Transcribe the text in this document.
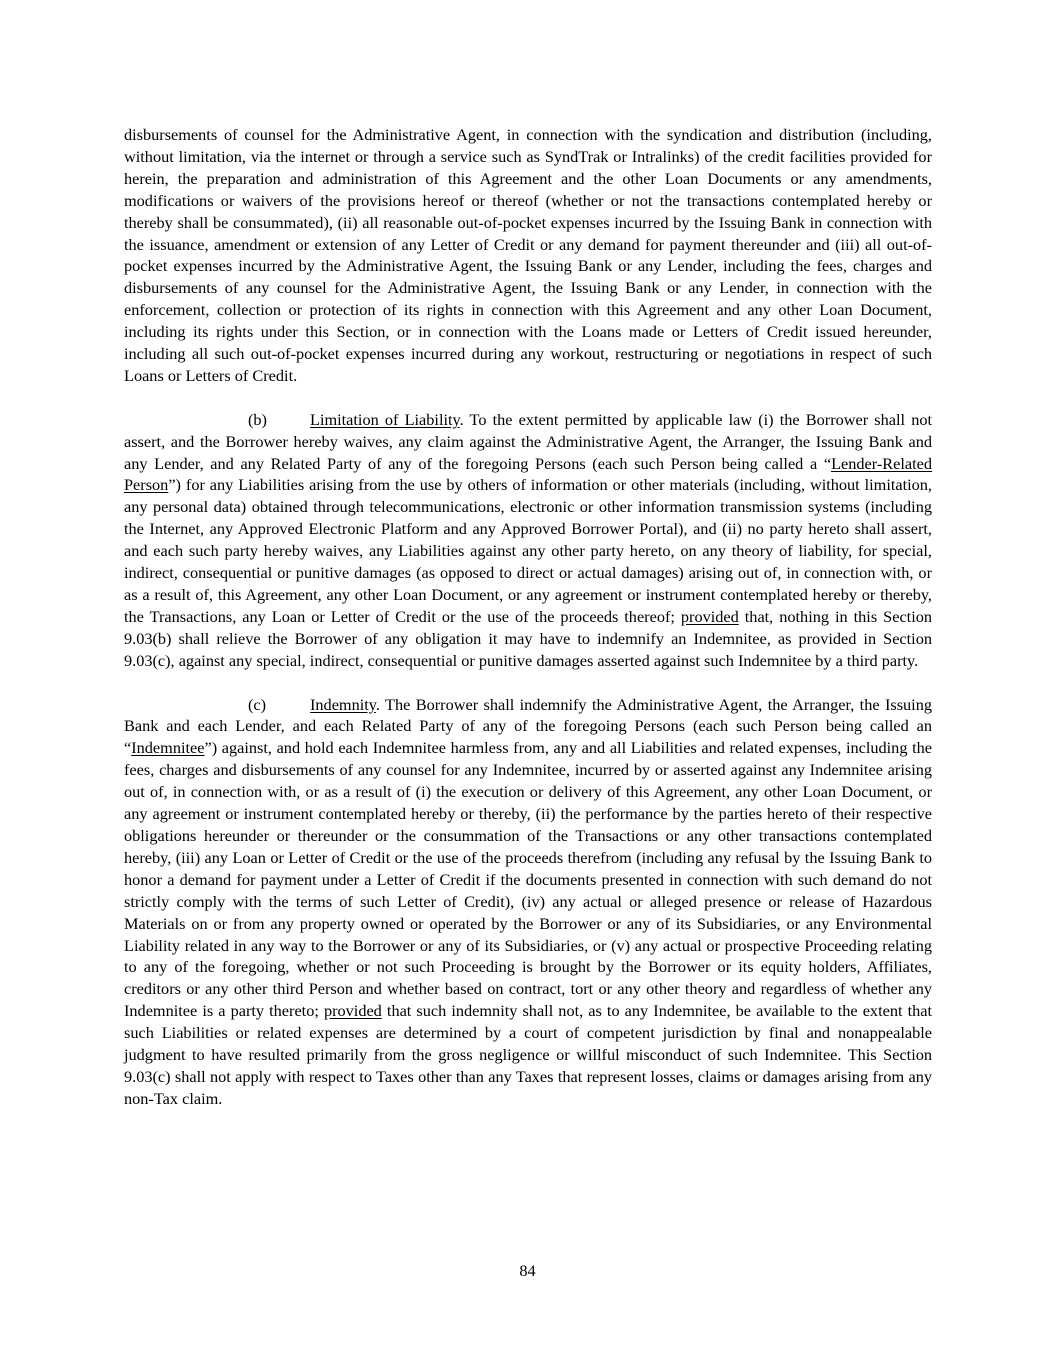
disbursements of counsel for the Administrative Agent, in connection with the syndication and distribution (including, without limitation, via the internet or through a service such as SyndTrak or Intralinks) of the credit facilities provided for herein, the preparation and administration of this Agreement and the other Loan Documents or any amendments, modifications or waivers of the provisions hereof or thereof (whether or not the transactions contemplated hereby or thereby shall be consummated), (ii) all reasonable out-of-pocket expenses incurred by the Issuing Bank in connection with the issuance, amendment or extension of any Letter of Credit or any demand for payment thereunder and (iii) all out-of-pocket expenses incurred by the Administrative Agent, the Issuing Bank or any Lender, including the fees, charges and disbursements of any counsel for the Administrative Agent, the Issuing Bank or any Lender, in connection with the enforcement, collection or protection of its rights in connection with this Agreement and any other Loan Document, including its rights under this Section, or in connection with the Loans made or Letters of Credit issued hereunder, including all such out-of-pocket expenses incurred during any workout, restructuring or negotiations in respect of such Loans or Letters of Credit.

(b)	Limitation of Liability. To the extent permitted by applicable law (i) the Borrower shall not assert, and the Borrower hereby waives, any claim against the Administrative Agent, the Arranger, the Issuing Bank and any Lender, and any Related Party of any of the foregoing Persons (each such Person being called a “Lender-Related Person”) for any Liabilities arising from the use by others of information or other materials (including, without limitation, any personal data) obtained through telecommunications, electronic or other information transmission systems (including the Internet, any Approved Electronic Platform and any Approved Borrower Portal), and (ii) no party hereto shall assert, and each such party hereby waives, any Liabilities against any other party hereto, on any theory of liability, for special, indirect, consequential or punitive damages (as opposed to direct or actual damages) arising out of, in connection with, or as a result of, this Agreement, any other Loan Document, or any agreement or instrument contemplated hereby or thereby, the Transactions, any Loan or Letter of Credit or the use of the proceeds thereof; provided that, nothing in this Section 9.03(b) shall relieve the Borrower of any obligation it may have to indemnify an Indemnitee, as provided in Section 9.03(c), against any special, indirect, consequential or punitive damages asserted against such Indemnitee by a third party.

(c)	Indemnity. The Borrower shall indemnify the Administrative Agent, the Arranger, the Issuing Bank and each Lender, and each Related Party of any of the foregoing Persons (each such Person being called an “Indemnitee”) against, and hold each Indemnitee harmless from, any and all Liabilities and related expenses, including the fees, charges and disbursements of any counsel for any Indemnitee, incurred by or asserted against any Indemnitee arising out of, in connection with, or as a result of (i) the execution or delivery of this Agreement, any other Loan Document, or any agreement or instrument contemplated hereby or thereby, (ii) the performance by the parties hereto of their respective obligations hereunder or thereunder or the consummation of the Transactions or any other transactions contemplated hereby, (iii) any Loan or Letter of Credit or the use of the proceeds therefrom (including any refusal by the Issuing Bank to honor a demand for payment under a Letter of Credit if the documents presented in connection with such demand do not strictly comply with the terms of such Letter of Credit), (iv) any actual or alleged presence or release of Hazardous Materials on or from any property owned or operated by the Borrower or any of its Subsidiaries, or any Environmental Liability related in any way to the Borrower or any of its Subsidiaries, or (v) any actual or prospective Proceeding relating to any of the foregoing, whether or not such Proceeding is brought by the Borrower or its equity holders, Affiliates, creditors or any other third Person and whether based on contract, tort or any other theory and regardless of whether any Indemnitee is a party thereto; provided that such indemnity shall not, as to any Indemnitee, be available to the extent that such Liabilities or related expenses are determined by a court of competent jurisdiction by final and nonappealable judgment to have resulted primarily from the gross negligence or willful misconduct of such Indemnitee. This Section 9.03(c) shall not apply with respect to Taxes other than any Taxes that represent losses, claims or damages arising from any non-Tax claim.

84
